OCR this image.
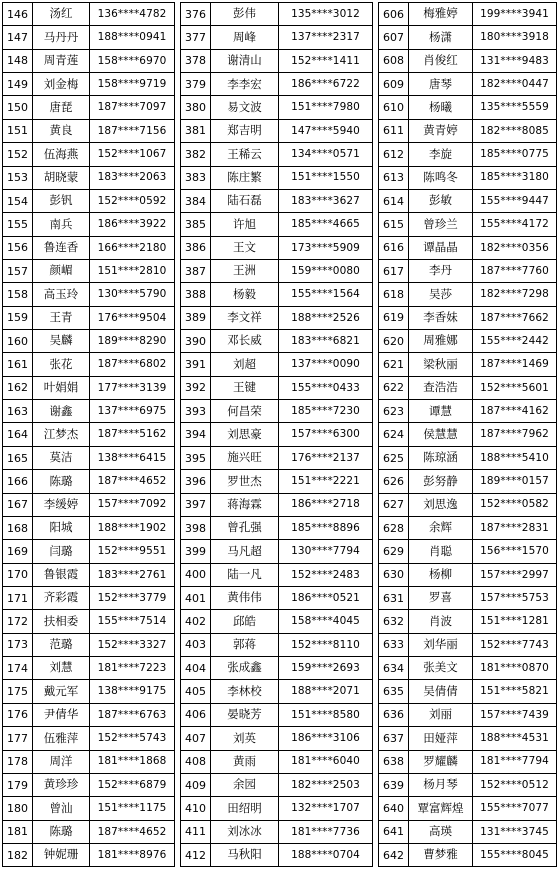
146	汤红	136****4782
147	马丹丹	188****0941
148	周青莲	158****6970
149	刘金梅	158****9719
150	唐琵	187****7097
151	黄良	187****7156
152	伍海燕	152****1067
153	胡晓蒙	183****2063
154	彭钒	152****0592
155	南兵	186****3922
156	鲁连香	166****2180
157	颜嵋	151****2810
158	高玉玲	130****5790
159	王青	176****9504
160	吴麟	189****8290
161	张花	187****6802
162	叶娟娟	177****3139
163	谢鑫	137****6975
164	江梦杰	187****5162
165	莫洁	138****6415
166	陈璐	187****4652
167	李缓婷	157****7092
168	阳城	188****1902
169	闫璐	152****9551
170	鲁银霞	183****2761
171	齐彩霞	152****3779
172	扶相委	155****7514
173	范璐	152****3327
174	刘慧	181****7223
175	戴元军	138****9175
176	尹倩华	187****6763
177	伍雅萍	152****5743
178	周洋	181****1868
179	黄珍珍	152****6879
180	曾汕	151****1175
181	陈璐	187****4652
182	钟妮珊	181****8976
376	彭伟	135****3012
377	周峰	137****2317
378	谢清山	152****1411
379	李李宏	186****6722
380	易文波	151****7980
381	郑吉明	147****5940
382	王稀云	134****0571
383	陈庄繁	151****1550
384	陆石磊	183****3627
385	许旭	185****4665
386	王文	173****5909
387	王洲	159****0080
388	杨毅	155****1564
389	李文祥	188****2526
390	邓长威	183****6821
391	刘超	137****0090
392	王键	155****0433
393	何昌荣	185****7230
394	刘思豪	157****6300
395	施兴旺	176****2137
396	罗世杰	151****2221
397	蒋海霖	186****2718
398	曾孔强	185****8896
399	马凡超	130****7794
400	陆一凡	152****2483
401	黄伟伟	186****0521
402	邱皓	158****4045
403	郭蒋	152****8110
404	张成鑫	159****2693
405	李林校	188****2071
406	晏晓芳	151****8580
407	刘英	186****3106
408	黄雨	181****6040
409	余园	182****2503
410	田绍明	132****1707
411	刘冰冰	181****7736
412	马秋阳	188****0704
606	梅雅婷	199****3941
607	杨潇	180****3918
608	肖俊红	131****9483
609	唐琴	182****0447
610	杨曦	135****5559
611	黄青婷	182****8085
612	李旋	185****0775
613	陈鸣冬	185****3180
614	彭敏	155****9447
615	曾珍兰	155****4172
616	谭晶晶	182****0356
617	李丹	187****7760
618	吴莎	182****7298
619	李香妹	187****7662
620	周雅娜	155****2442
621	梁秋丽	187****1469
622	查浩浩	152****5601
623	谭慧	187****4162
624	侯慧慧	187****7962
625	陈琼涵	188****5410
626	彭努静	189****0157
627	刘思逸	152****0582
628	余辉	187****2831
629	肖聪	156****1570
630	杨柳	157****2997
631	罗喜	157****5753
632	肖波	151****1281
633	刘华丽	152****7743
634	张美文	181****0870
635	吴倩倩	151****5821
636	刘丽	157****7439
637	田娅萍	188****4531
638	罗耀麟	181****7794
639	杨月琴	152****0512
640	覃富辉煌	155****7077
641	高瑛	131****3745
642	曹梦雅	155****8045
